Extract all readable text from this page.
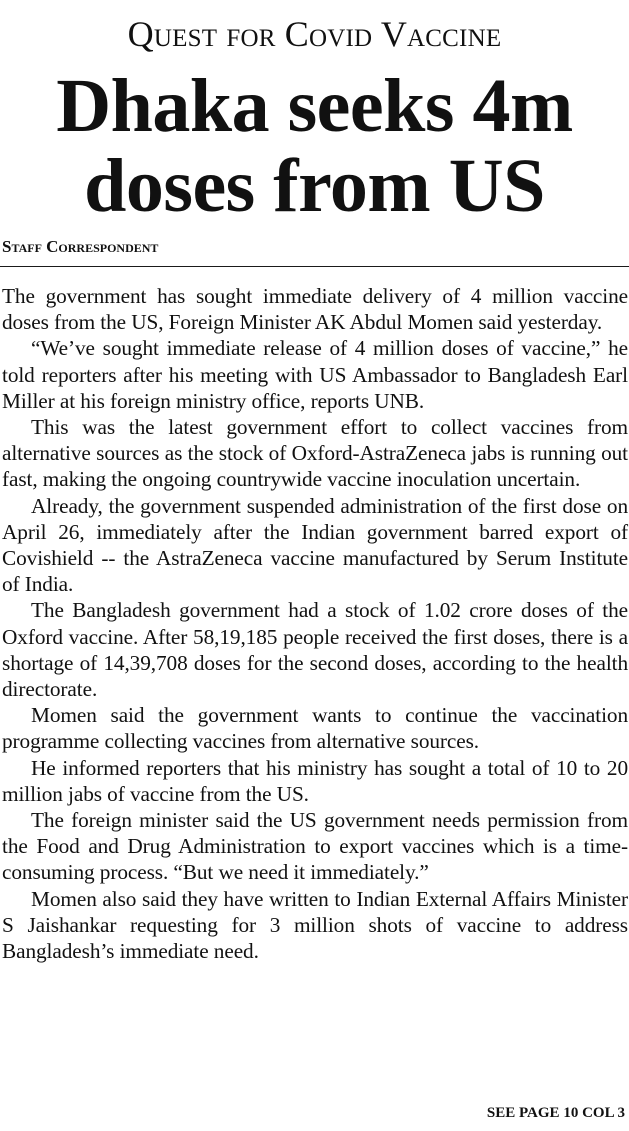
Quest for Covid Vaccine
Dhaka seeks 4m
doses from US
Staff Correspondent

The government has sought immediate delivery of 4 million vaccine doses from the US, Foreign Minister AK Abdul Momen said yesterday.

“We’ve sought immediate release of 4 million doses of vaccine,” he told reporters after his meeting with US Ambassador to Bangladesh Earl Miller at his foreign ministry office, reports UNB.

This was the latest government effort to collect vaccines from alternative sources as the stock of Oxford-AstraZeneca jabs is running out fast, making the ongoing countrywide vaccine inoculation uncertain.

Already, the government suspended administration of the first dose on April 26, immediately after the Indian government barred export of Covishield -- the AstraZeneca vaccine manufactured by Serum Institute of India.

The Bangladesh government had a stock of 1.02 crore doses of the Oxford vaccine. After 58,19,185 people received the first doses, there is a shortage of 14,39,708 doses for the second doses, according to the health directorate.

Momen said the government wants to continue the vaccination programme collecting vaccines from alternative sources.

He informed reporters that his ministry has sought a total of 10 to 20 million jabs of vaccine from the US.

The foreign minister said the US government needs permission from the Food and Drug Administration to export vaccines which is a time-consuming process. “But we need it immediately.”

Momen also said they have written to Indian External Affairs Minister S Jaishankar requesting for 3 million shots of vaccine to address Bangladesh’s immediate need.

SEE PAGE 10 COL 3
